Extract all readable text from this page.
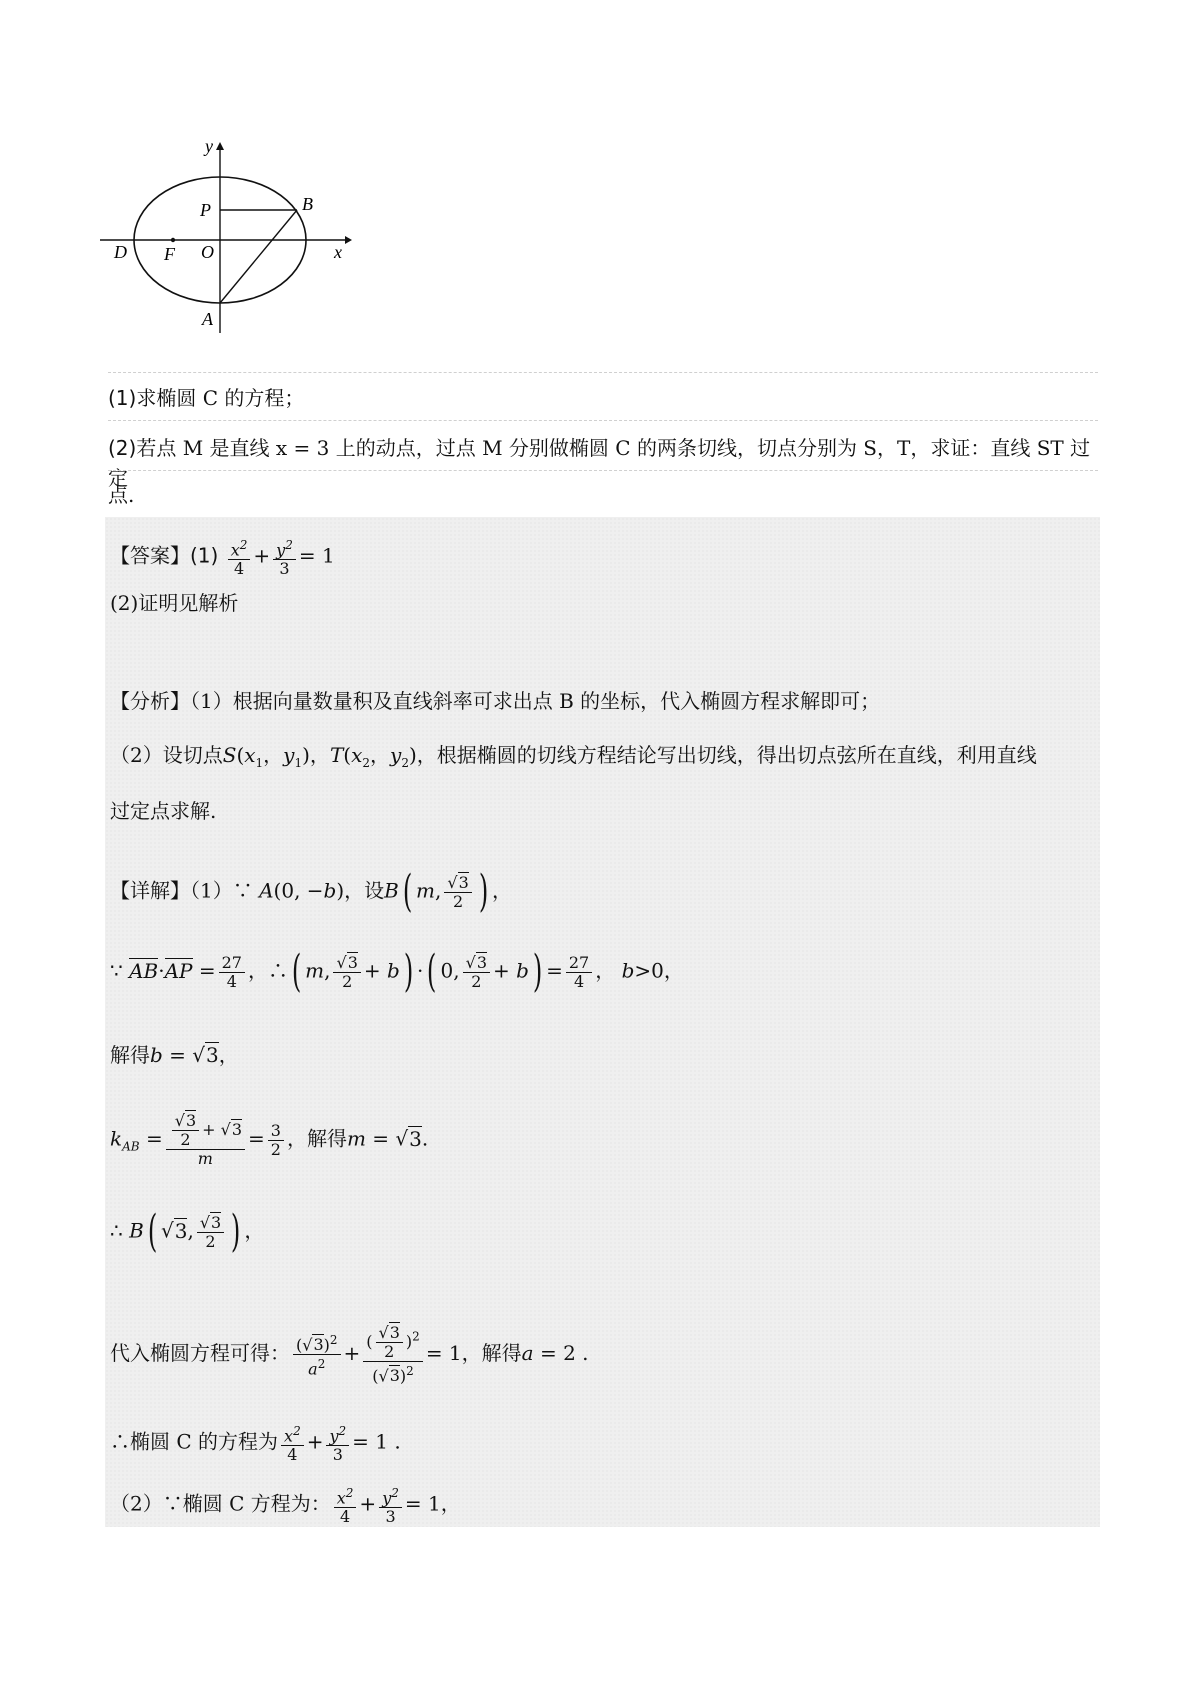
y
x
P	B
D F O
A
(1)求椭圆 C 的方程；
(2)若点 M 是直线 x = 3 上的动点，过点 M 分别做椭圆 C 的两条切线，切点分别为 S，T，求证：直线 ST 过定
点.
【答案】$(1) \frac{x^2}{4} + \frac{y^2}{3} = 1$
(2)证明见解析
【分析】（1）根据向量数量积及直线斜率可求出点 B 的坐标，代入椭圆方程求解即可；
（2）设切点$S(x_1$，$y_1$)，$T(x_2$，$y_2$)，根据椭圆的切线方程结论写出切线，得出切点弦所在直线，利用直线
过定点求解.
【详解】（1）∵ A(0, −b)，设B( m, $\frac{√3}{2}$ ) ，
∵ $AB\cdot AP = \frac{27}{4}$ ，∴( m, $\frac{√3}{2} + b$) ·( 0, $\frac{√3}{2} + b) = \frac{27}{4}$ ， b>0，
解得b = √3，
$k_{AB} = \frac{\frac{√3}{2} + √3}{m} = \frac{3}{2}$ ，解得m = √3.
∴ B( √3, $\frac{√3}{2}$ ) ，
代入椭圆方程可得： $\frac{(√3)^2}{a^2} + \frac{( \frac{√3}{2} )^2}{(√3)^2} = 1$，解得a = 2 .
∴椭圆 C 的方程为 $\frac{x^2}{4} + \frac{y^2}{3} = 1$ .
（2）∵椭圆 C 方程为： $\frac{x^2}{4} + \frac{y^2}{3} = 1$，
